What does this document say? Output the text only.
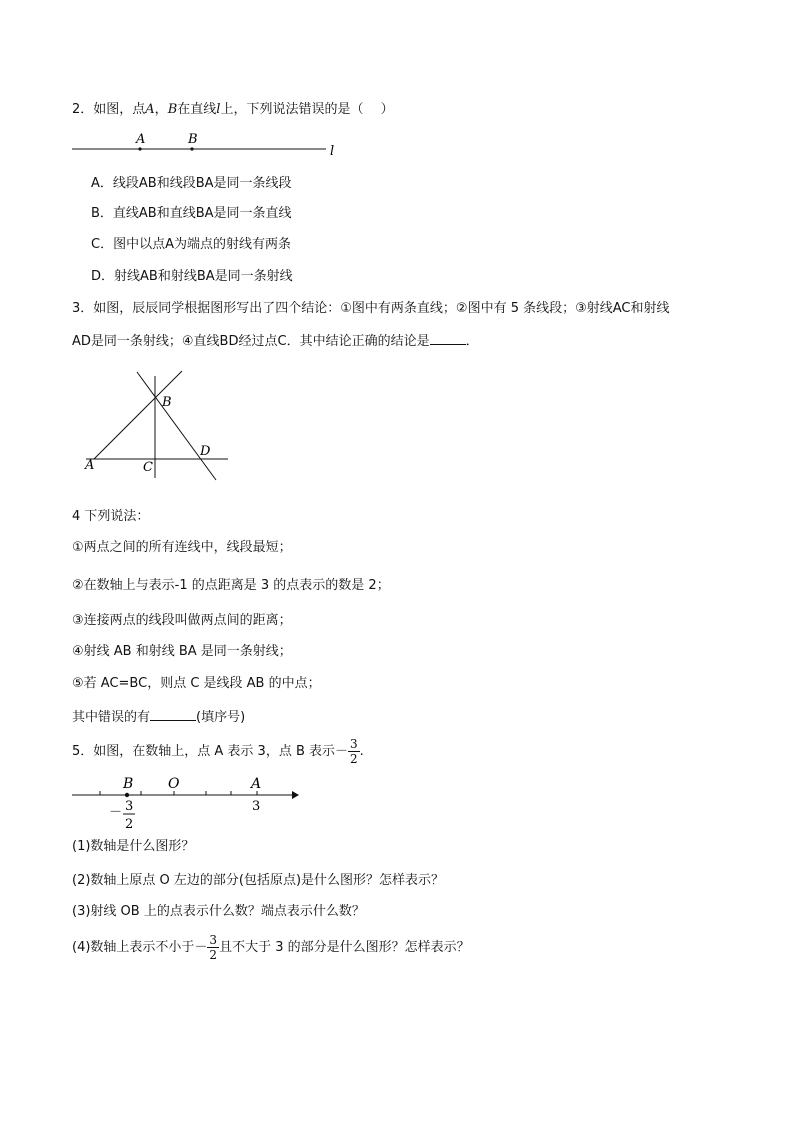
2．如图，点A，B在直线l上，下列说法错误的是（　 ）
A	B
l
A．线段AB和线段BA是同一条线段
B．直线AB和直线BA是同一条直线
C．图中以点A为端点的射线有两条
D．射线AB和射线BA是同一条射线
3．如图，辰辰同学根据图形写出了四个结论：①图中有两条直线；②图中有 5 条线段；③射线AC和射线
AD是同一条射线；④直线BD经过点C．其中结论正确的结论是	．
A
B
C
D
4 下列说法：
①两点之间的所有连线中，线段最短；
②在数轴上与表示-1 的点距离是 3 的点表示的数是 2；
③连接两点的线段叫做两点间的距离；
④射线 AB 和射线 BA 是同一条射线；
⑤若 AC=BC，则点 C 是线段 AB 的中点；
其中错误的有	(填序号)
5．如图，在数轴上，点 A 表示 3，点 B 表示－ $\frac{3}{2}$ .
B O	A
3
－ 3
2
(1)数轴是什么图形？
(2)数轴上原点 O 左边的部分(包括原点)是什么图形？怎样表示？
(3)射线 OB 上的点表示什么数？端点表示什么数？
(4)数轴上表示不小于－ $\frac{3}{2}$ 且不大于 3 的部分是什么图形？怎样表示？
